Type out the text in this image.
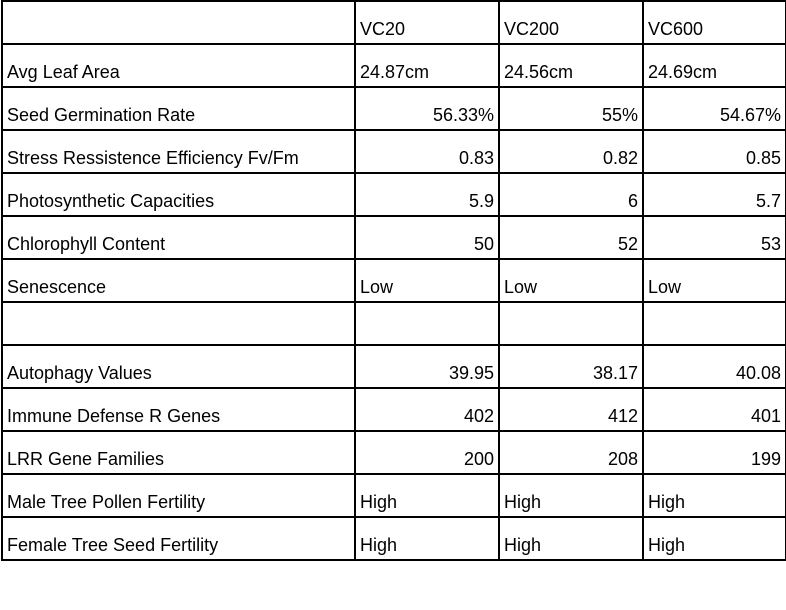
	VC20	VC200	VC600
Avg Leaf Area	24.87cm	24.56cm	24.69cm
Seed Germination Rate	56.33%	55%	54.67%
Stress Ressistence Efficiency Fv/Fm	0.83	0.82	0.85
Photosynthetic Capacities	5.9	6	5.7
Chlorophyll Content	50	52	53
Senescence	Low	Low	Low

Autophagy Values	39.95	38.17	40.08
Immune Defense R Genes	402	412	401
LRR Gene Families	200	208	199
Male Tree Pollen Fertility	High	High	High
Female Tree Seed Fertility	High	High	High
